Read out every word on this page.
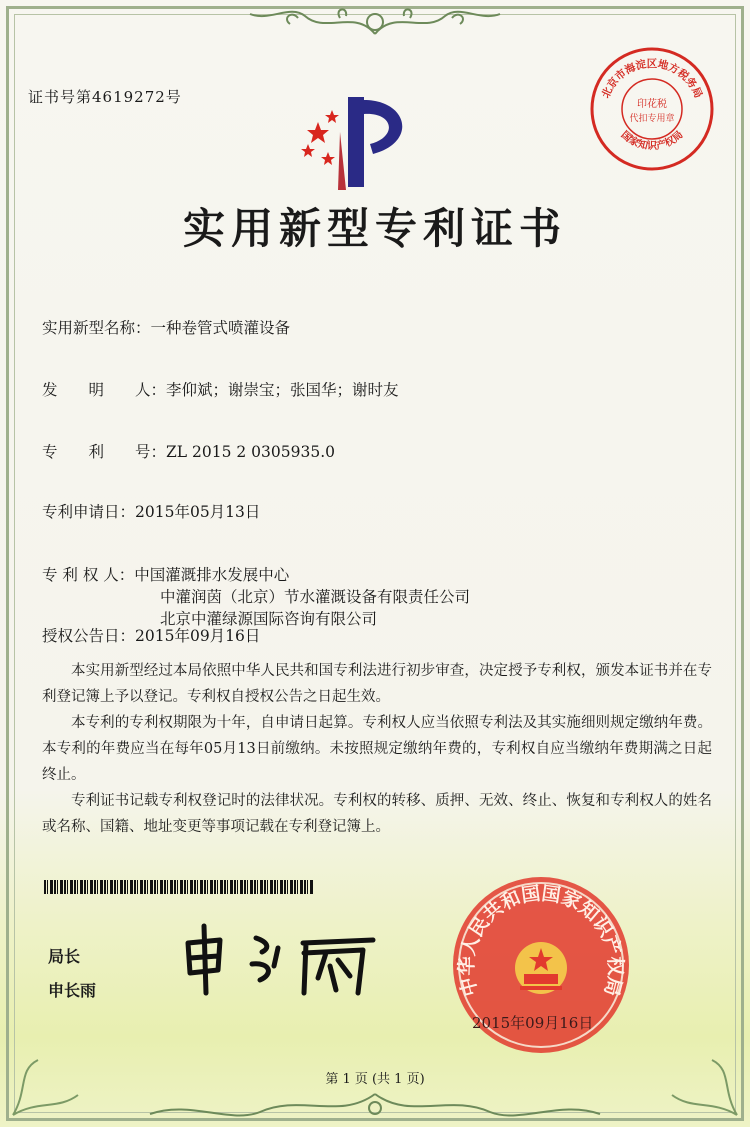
证书号第4619272号
实用新型专利证书
实用新型名称：一种卷管式喷灌设备
发　　明　　人：李仰斌；谢崇宝；张国华；谢时友
专　　利　　号：ZL 2015 2 0305935.0
专利申请日：2015年05月13日
专 利 权 人：中国灌溉排水发展中心
中灌润茵（北京）节水灌溉设备有限责任公司
北京中灌绿源国际咨询有限公司
授权公告日：2015年09月16日

本实用新型经过本局依照中华人民共和国专利法进行初步审查，决定授予专利权，颁发本证书并在专利登记簿上予以登记。专利权自授权公告之日起生效。

本专利的专利权期限为十年，自申请日起算。专利权人应当依照专利法及其实施细则规定缴纳年费。本专利的年费应当在每年05月13日前缴纳。未按照规定缴纳年费的，专利权自应当缴纳年费期满之日起终止。

专利证书记载专利权登记时的法律状况。专利权的转移、质押、无效、终止、恢复和专利权人的姓名或名称、国籍、地址变更等事项记载在专利登记簿上。

局长
申长雨	中华人民共和国国家知识产权局
2015年09月16日
北京市海淀区地方税务局
国家知识产权局
印花税
代扣专用章
第 1 页 (共 1 页)
